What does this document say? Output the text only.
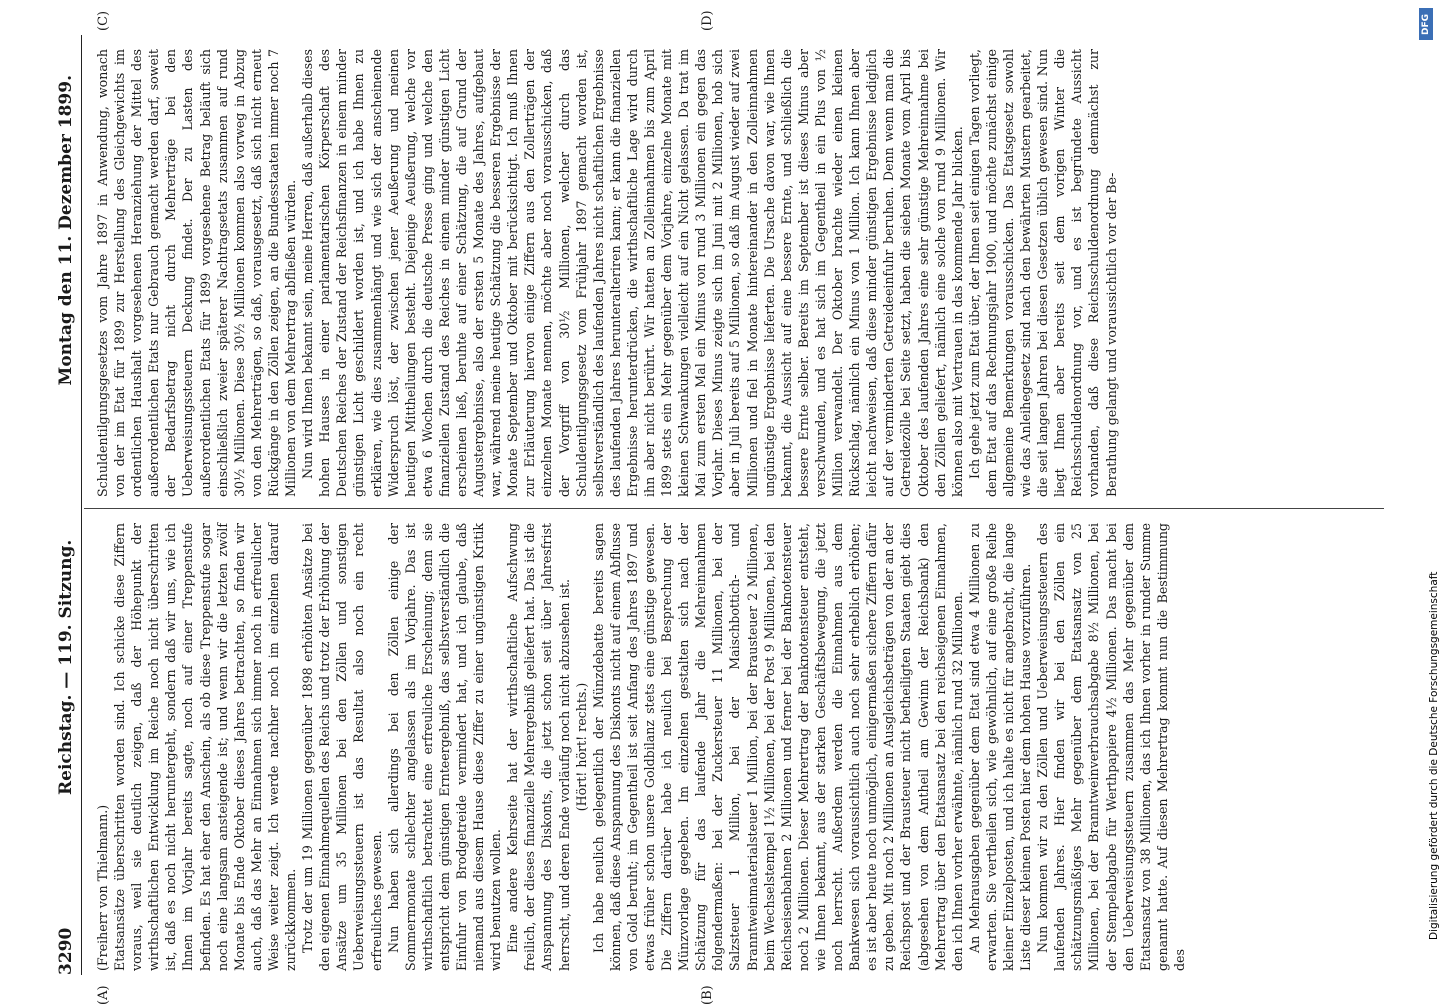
3290
Reichstag. — 119. Sitzung.
Montag den 11. Dezember 1899.
(A)	(B)
(C)	(D)

(Freiherr von Thielmann.) Etatsansätze überschritten worden sind. Ich schicke diese Ziffern voraus, weil sie deutlich zeigen, daß der Höhepunkt der wirthschaftlichen Entwicklung im Reiche noch nicht überschritten ist, daß es noch nicht heruntergeht, sondern daß wir uns, wie ich Ihnen im Vorjahr bereits sagte, noch auf einer Treppenstufe befinden. Es hat eher den Anschein, als ob diese Treppenstufe sogar noch eine langsam ansteigende ist; und wenn wir die letzten zwölf Monate bis Ende Oktober dieses Jahres betrachten, so finden wir auch, daß das Mehr an Einnahmen sich immer noch in erfreulicher Weise weiter zeigt. Ich werde nachher noch im einzelnen darauf zurückkommen. Trotz der um 19 Millionen gegenüber 1898 erhöhten Ansätze bei den eigenen Einnahmequellen des Reichs und trotz der Erhöhung der Ansätze um 35 Millionen bei den Zöllen und sonstigen Ueberweisungssteuern ist das Resultat also noch ein recht erfreuliches gewesen. Nun haben sich allerdings bei den Zöllen einige der Sommermonate schlechter angelassen als im Vorjahre. Das ist wirthschaftlich betrachtet eine erfreuliche Erscheinung; denn sie entspricht dem günstigen Ernteergebniß, das selbstverständlich die Einfuhr von Brodgetreide vermindert hat, und ich glaube, daß niemand aus diesem Hause diese Ziffer zu einer ungünstigen Kritik wird benutzen wollen. Eine andere Kehrseite hat der wirthschaftliche Aufschwung freilich, der dieses finanzielle Mehrergebniß geliefert hat. Das ist die Anspannung des Diskonts, die jetzt schon seit über Jahresfrist herrscht, und deren Ende vorläufig noch nicht abzusehen ist. (Hört! hört! rechts.) Ich habe neulich gelegentlich der Münzdebatte bereits sagen können, daß diese Anspannung des Diskonts nicht auf einem Abflusse von Gold beruht; im Gegentheil ist seit Anfang des Jahres 1897 und etwas früher schon unsere Goldbilanz stets eine günstige gewesen. Die Ziffern darüber habe ich neulich bei Besprechung der Münzvorlage gegeben. Im einzelnen gestalten sich nach der Schätzung für das laufende Jahr die Mehreinnahmen folgendermaßen: bei der Zuckersteuer 11 Millionen, bei der Salzsteuer 1 Million, bei der Maischbottich- und Branntweinmaterialsteuer 1 Million, bei der Brausteuer 2 Millionen, beim Wechselstempel 1½ Millionen, bei der Post 9 Millionen, bei den Reichseisenbahnen 2 Millionen und ferner bei der Banknotensteuer noch 2 Millionen. Dieser Mehrertrag der Banknotensteuer entsteht, wie Ihnen bekannt, aus der starken Geschäftsbewegung, die jetzt noch herrscht. Außerdem werden die Einnahmen aus dem Bankwesen sich voraussichtlich auch noch sehr erheblich erhöhen; es ist aber heute noch unmöglich, einigermaßen sichere Ziffern dafür zu geben. Mit noch 2 Millionen an Ausgleichsbeträgen von der an der Reichspost und der Brausteuer nicht betheiligten Staaten giebt dies (abgesehen von dem Antheil am Gewinn der Reichsbank) den Mehrertrag über den Etatsansatz bei den reichseigenen Einnahmen, den ich Ihnen vorher erwähnte, nämlich rund 32 Millionen. An Mehrausgaben gegenüber dem Etat sind etwa 4 Millionen zu erwarten. Sie vertheilen sich, wie gewöhnlich, auf eine große Reihe kleiner Einzelposten, und ich halte es nicht für angebracht, die lange Liste dieser kleinen Posten hier dem hohen Hause vorzuführen. Nun kommen wir zu den Zöllen und Ueberweisungssteuern des laufenden Jahres. Hier finden wir bei den Zöllen ein schätzungsmäßiges Mehr gegenüber dem Etatsansatz von 25 Millionen, bei der Branntweinverbrauchsabgabe 8½ Millionen, bei der Stempelabgabe für Werthpapiere 4½ Millionen. Das macht bei den Ueberweisungssteuern zusammen das Mehr gegenüber dem Etatsansatz von 38 Millionen, das ich Ihnen vorher in runder Summe genannt hatte. Auf diesen Mehrertrag kommt nun die Bestimmung des

Schuldentilgungsgesetzes vom Jahre 1897 in Anwendung, wonach von der im Etat für 1899 zur Herstellung des Gleichgewichts im ordentlichen Haushalt vorgesehenen Heranziehung der Mittel des außerordentlichen Etats nur Gebrauch gemacht werden darf, soweit der Bedarfsbetrag nicht durch Mehrerträge bei den Ueberweisungssteuern Deckung findet. Der zu Lasten des außerordentlichen Etats für 1899 vorgesehene Betrag beläuft sich einschließlich zweier späterer Nachtragsetats zusammen auf rund 30½ Millionen. Diese 30½ Millionen kommen also vorweg in Abzug von den Mehrerträgen, so daß, vorausgesetzt, daß sich nicht erneut Rückgänge in den Zöllen zeigen, an die Bundesstaaten immer noch 7 Millionen von dem Mehrertrag abfließen würden. Nun wird Ihnen bekannt sein, meine Herren, daß außerhalb dieses hohen Hauses in einer parlamentarischen Körperschaft des Deutschen Reiches der Zustand der Reichsfinanzen in einem minder günstigen Licht geschildert worden ist, und ich habe Ihnen zu erklären, wie dies zusammenhängt und wie sich der anscheinende Widerspruch löst, der zwischen jener Aeußerung und meinen heutigen Mittheilungen besteht. Diejenige Aeußerung, welche vor etwa 6 Wochen durch die deutsche Presse ging und welche den finanziellen Zustand des Reiches in einem minder günstigen Licht erscheinen ließ, beruhte auf einer Schätzung, die auf Grund der Augustergebnisse, also der ersten 5 Monate des Jahres, aufgebaut war, während meine heutige Schätzung die besseren Ergebnisse der Monate September und Oktober mit berücksichtigt. Ich muß Ihnen zur Erläuterung hiervon einige Ziffern aus den Zollerträgen der einzelnen Monate nennen, möchte aber noch vorausschicken, daß der Vorgriff von 30½ Millionen, welcher durch das Schuldentilgungsgesetz vom Frühjahr 1897 gemacht worden ist, selbstverständlich des laufenden Jahres nicht schaftlichen Ergebnisse des laufenden Jahres herunteralteriren kann; er kann die finanziellen Ergebnisse herunterdrücken, die wirthschaftliche Lage wird durch ihn aber nicht berührt. Wir hatten an Zolleinnahmen bis zum April 1899 stets ein Mehr gegenüber dem Vorjahre, einzelne Monate mit kleinen Schwankungen vielleicht auf ein Nicht gelassen. Da trat im Mai zum ersten Mal ein Minus von rund 3 Millionen ein gegen das Vorjahr. Dieses Minus zeigte sich im Juni mit 2 Millionen, hob sich aber in Juli bereits auf 5 Millionen, so daß im August wieder auf zwei Millionen und fiel in Monate hintereinander in den Zolleinnahmen ungünstige Ergebnisse lieferten. Die Ursache davon war, wie Ihnen bekannt, die Aussicht auf eine bessere Ernte, und schließlich die bessere Ernte selber. Bereits im September ist dieses Minus aber verschwunden, und es hat sich im Gegentheil in ein Plus von ½ Million verwandelt. Der Oktober brachte wieder einen kleinen Rückschlag, nämlich ein Minus von 1 Million. Ich kann Ihnen aber leicht nachweisen, daß diese minder günstigen Ergebnisse lediglich auf der verminderten Getreideeinfuhr beruhen. Denn wenn man die Getreidezölle bei Seite setzt, haben die sieben Monate vom April bis Oktober des laufenden Jahres eine sehr günstige Mehreinnahme bei den Zöllen geliefert, nämlich eine solche von rund 9 Millionen. Wir können also mit Vertrauen in das kommende Jahr blicken. Ich gehe jetzt zum Etat über, der Ihnen seit einigen Tagen vorliegt, dem Etat auf das Rechnungsjahr 1900, und möchte zunächst einige allgemeine Bemerkungen vorausschicken. Das Etatsgesetz sowohl wie das Anleihegesetz sind nach den bewährten Mustern gearbeitet, die seit langen Jahren bei diesen Gesetzen üblich gewesen sind. Nun liegt Ihnen aber bereits seit dem vorigen Winter die Reichsschuldenordnung vor, und es ist begründete Aussicht vorhanden, daß diese Reichsschuldenordnung demnächst zur Berathung gelangt und voraussichtlich vor der Be-

DFG
Digitalisierung gefördert durch die Deutsche Forschungsgemeinschaft
